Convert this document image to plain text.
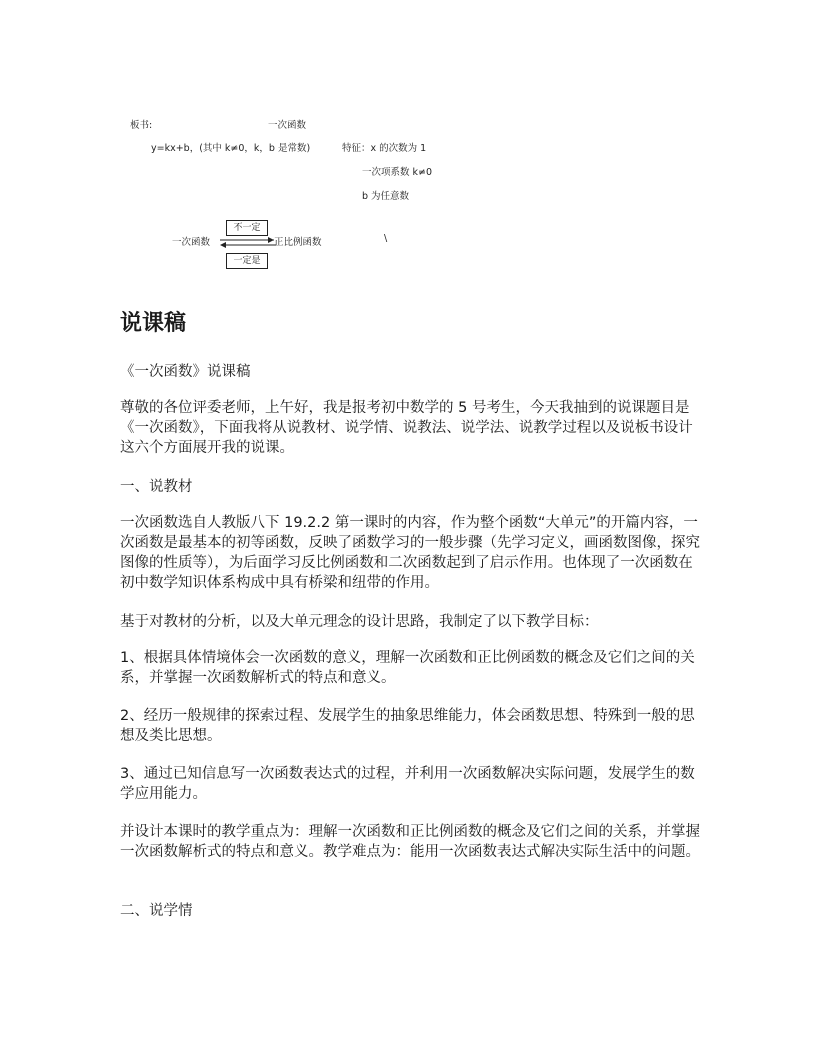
板书:	一次函数
y=kx+b，(其中 k≠0，k，b 是常数)	特征：x 的次数为 1
一次项系数 k≠0
b 为任意数
一次函数	正比例函数	\
不一定
一定是
说课稿
《一次函数》说课稿
尊敬的各位评委老师，上午好，我是报考初中数学的 5 号考生，今天我抽到的说课题目是《一次函数》，下面我将从说教材、说学情、说教法、说学法、说教学过程以及说板书设计这六个方面展开我的说课。
一、说教材
一次函数选自人教版八下 19.2.2 第一课时的内容，作为整个函数“大单元”的开篇内容，一次函数是最基本的初等函数，反映了函数学习的一般步骤（先学习定义，画函数图像，探究图像的性质等），为后面学习反比例函数和二次函数起到了启示作用。也体现了一次函数在初中数学知识体系构成中具有桥梁和纽带的作用。
基于对教材的分析，以及大单元理念的设计思路，我制定了以下教学目标：
1、根据具体情境体会一次函数的意义，理解一次函数和正比例函数的概念及它们之间的关系，并掌握一次函数解析式的特点和意义。
2、经历一般规律的探索过程、发展学生的抽象思维能力，体会函数思想、特殊到一般的思想及类比思想。
3、通过已知信息写一次函数表达式的过程，并利用一次函数解决实际问题，发展学生的数学应用能力。
并设计本课时的教学重点为：理解一次函数和正比例函数的概念及它们之间的关系，并掌握一次函数解析式的特点和意义。教学难点为：能用一次函数表达式解决实际生活中的问题。
二、说学情
